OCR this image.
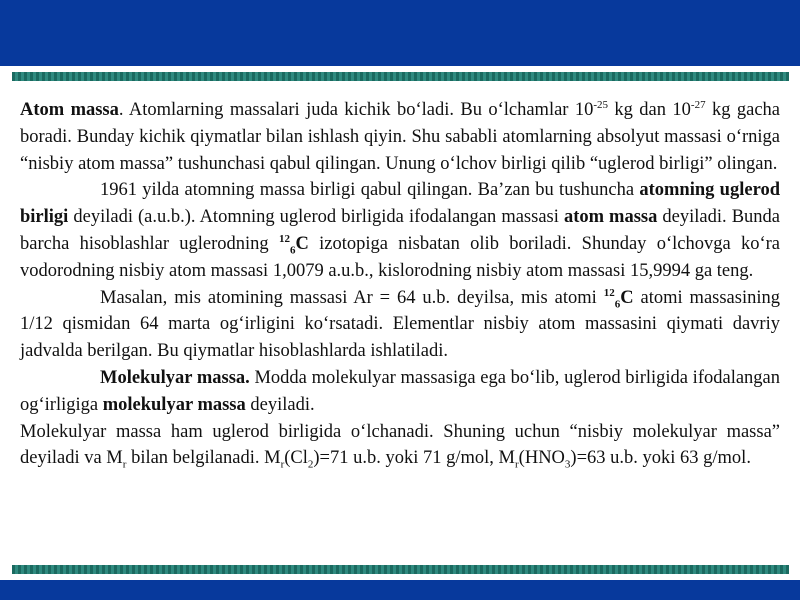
Atom massa. Atomlarning massalari juda kichik bo‘ladi. Bu o‘lchamlar $10^{-25}$ kg dan $10^{-27}$ kg gacha boradi. Bunday kichik qiymatlar bilan ishlash qiyin. Shu sababli atomlarning absolyut massasi o‘rniga “nisbiy atom massa” tushunchasi qabul qilingan. Unung o‘lchov birligi qilib “uglerod birligi” olingan.

1961 yilda atomning massa birligi qabul qilingan. Ba’zan bu tushuncha atomning uglerod birligi deyiladi (a.u.b.). Atomning uglerod birligida ifodalangan massasi atom massa deyiladi. Bunda barcha hisoblashlar uglerodning $^{12}_6$C izotopiga nisbatan olib boriladi. Shunday o‘lchovga ko‘ra vodorodning nisbiy atom massasi 1,0079 a.u.b., kislorodning nisbiy atom massasi 15,9994 ga teng.

Masalan, mis atomining massasi Ar = 64 u.b. deyilsa, mis atomi $^{12}_6$C atomi massasining 1/12 qismidan 64 marta og‘irligini ko‘rsatadi. Elementlar nisbiy atom massasini qiymati davriy jadvalda berilgan. Bu qiymatlar hisoblashlarda ishlatiladi.

Molekulyar massa. Modda molekulyar massasiga ega bo‘lib, uglerod birligida ifodalangan og‘irligiga molekulyar massa deyiladi.

Molekulyar massa ham uglerod birligida o‘lchanadi. Shuning uchun “nisbiy molekulyar massa” deyiladi va $M_r$ bilan belgilanadi. $M_r(Cl_2)=71$ u.b. yoki 71 g/mol, $M_r(HNO_3)=63$ u.b. yoki 63 g/mol.
